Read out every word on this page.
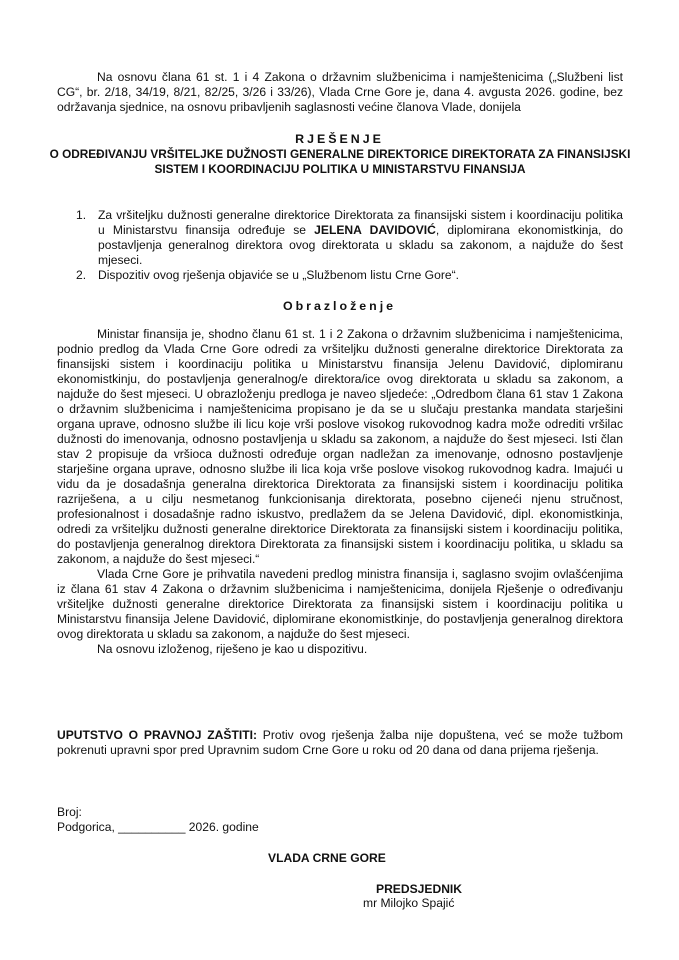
Na osnovu člana 61 st. 1 i 4 Zakona o državnim službenicima i namještenicima („Službeni list CG“, br. 2/18, 34/19, 8/21, 82/25, 3/26 i 33/26), Vlada Crne Gore je, dana 4. avgusta 2026. godine, bez održavanja sjednice, na osnovu pribavljenih saglasnosti većine članova Vlade, donijela

RJEŠENJE

O ODREĐIVANJU VRŠITELJKE DUŽNOSTI GENERALNE DIREKTORICE DIREKTORATA ZA FINANSIJSKI SISTEM I KOORDINACIJU POLITIKA U MINISTARSTVU FINANSIJA

1. Za vršiteljku dužnosti generalne direktorice Direktorata za finansijski sistem i koordinaciju politika u Ministarstvu finansija određuje se JELENA DAVIDOVIĆ, diplomirana ekonomistkinja, do postavljenja generalnog direktora ovog direktorata u skladu sa zakonom, a najduže do šest mjeseci.
2. Dispozitiv ovog rješenja objaviće se u „Službenom listu Crne Gore“.

Obrazloženje

Ministar finansija je, shodno članu 61 st. 1 i 2 Zakona o državnim službenicima i namještenicima, podnio predlog da Vlada Crne Gore odredi za vršiteljku dužnosti generalne direktorice Direktorata za finansijski sistem i koordinaciju politika u Ministarstvu finansija Jelenu Davidović, diplomiranu ekonomistkinju, do postavljenja generalnog/e direktora/ice ovog direktorata u skladu sa zakonom, a najduže do šest mjeseci. U obrazloženju predloga je naveo sljedeće: „Odredbom člana 61 stav 1 Zakona o državnim službenicima i namještenicima propisano je da se u slučaju prestanka mandata starješini organa uprave, odnosno službe ili licu koje vrši poslove visokog rukovodnog kadra može odrediti vršilac dužnosti do imenovanja, odnosno postavljenja u skladu sa zakonom, a najduže do šest mjeseci. Isti član stav 2 propisuje da vršioca dužnosti određuje organ nadležan za imenovanje, odnosno postavljenje starješine organa uprave, odnosno službe ili lica koja vrše poslove visokog rukovodnog kadra. Imajući u vidu da je dosadašnja generalna direktorica Direktorata za finansijski sistem i koordinaciju politika razriješena, a u cilju nesmetanog funkcionisanja direktorata, posebno cijeneći njenu stručnost, profesionalnost i dosadašnje radno iskustvo, predlažem da se Jelena Davidović, dipl. ekonomistkinja, odredi za vršiteljku dužnosti generalne direktorice Direktorata za finansijski sistem i koordinaciju politika, do postavljenja generalnog direktora Direktorata za finansijski sistem i koordinaciju politika, u skladu sa zakonom, a najduže do šest mjeseci.“

Vlada Crne Gore je prihvatila navedeni predlog ministra finansija i, saglasno svojim ovlašćenjima iz člana 61 stav 4 Zakona o državnim službenicima i namještenicima, donijela Rješenje o određivanju vršiteljke dužnosti generalne direktorice Direktorata za finansijski sistem i koordinaciju politika u Ministarstvu finansija Jelene Davidović, diplomirane ekonomistkinje, do postavljenja generalnog direktora ovog direktorata u skladu sa zakonom, a najduže do šest mjeseci.

Na osnovu izloženog, riješeno je kao u dispozitivu.

UPUTSTVO O PRAVNOJ ZAŠTITI: Protiv ovog rješenja žalba nije dopuštena, već se može tužbom pokrenuti upravni spor pred Upravnim sudom Crne Gore u roku od 20 dana od dana prijema rješenja.

Broj:
Podgorica, __________ 2026. godine
VLADA CRNE GORE
PREDSJEDNIK
mr Milojko Spajić
